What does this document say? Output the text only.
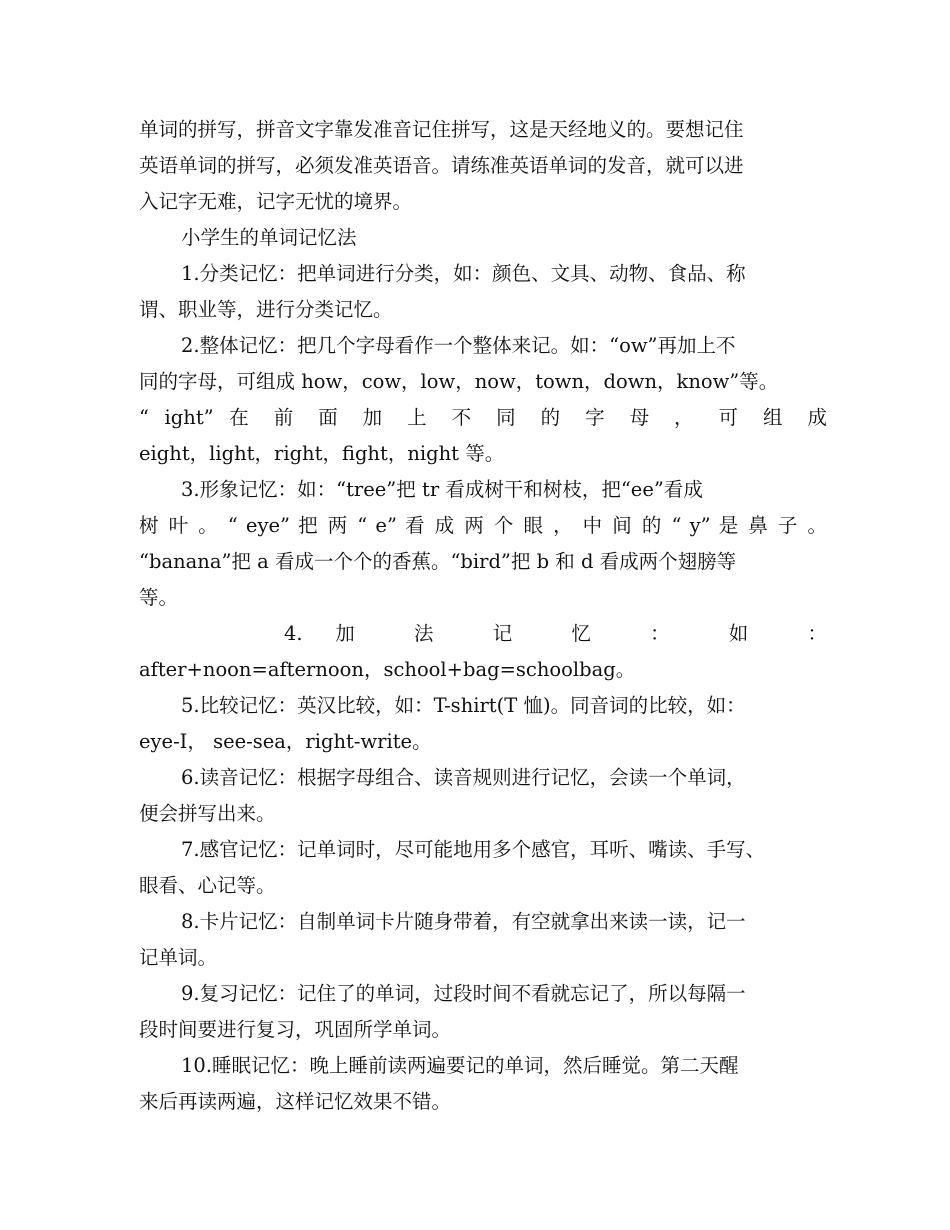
单词的拼写，拼音文字靠发准音记住拼写，这是天经地义的。要想记住
英语单词的拼写，必须发准英语音。请练准英语单词的发音，就可以进
入记字无难，记字无忧的境界。
小学生的单词记忆法
1.分类记忆：把单词进行分类，如：颜色、文具、动物、食品、称
谓、职业等，进行分类记忆。
2.整体记忆：把几个字母看作一个整体来记。如：“ow”再加上不
同的字母，可组成 how，cow，low，now，town，down，know”等。
“ ight” 在 前 面 加 上 不 同 的 字 母 ， 可 组 成
eight，light，right，fight，night 等。
3.形象记忆：如：“tree”把 tr 看成树干和树枝，把“ee”看成
树 叶 。 “ eye” 把 两 “ e” 看 成 两 个 眼 ， 中 间 的 “ y” 是 鼻 子 。
“banana”把 a 看成一个个的香蕉。“bird”把 b 和 d 看成两个翅膀等
等。
4. 加 法 记 忆 ： 如 ：
after+noon=afternoon，school+bag=schoolbag。
5.比较记忆：英汉比较，如：T-shirt(T 恤)。同音词的比较，如：
eye-I， see-sea，right-write。
6.读音记忆：根据字母组合、读音规则进行记忆，会读一个单词，
便会拼写出来。
7.感官记忆：记单词时，尽可能地用多个感官，耳听、嘴读、手写、
眼看、心记等。
8.卡片记忆：自制单词卡片随身带着，有空就拿出来读一读，记一
记单词。
9.复习记忆：记住了的单词，过段时间不看就忘记了，所以每隔一
段时间要进行复习，巩固所学单词。
10.睡眠记忆：晚上睡前读两遍要记的单词，然后睡觉。第二天醒
来后再读两遍，这样记忆效果不错。
